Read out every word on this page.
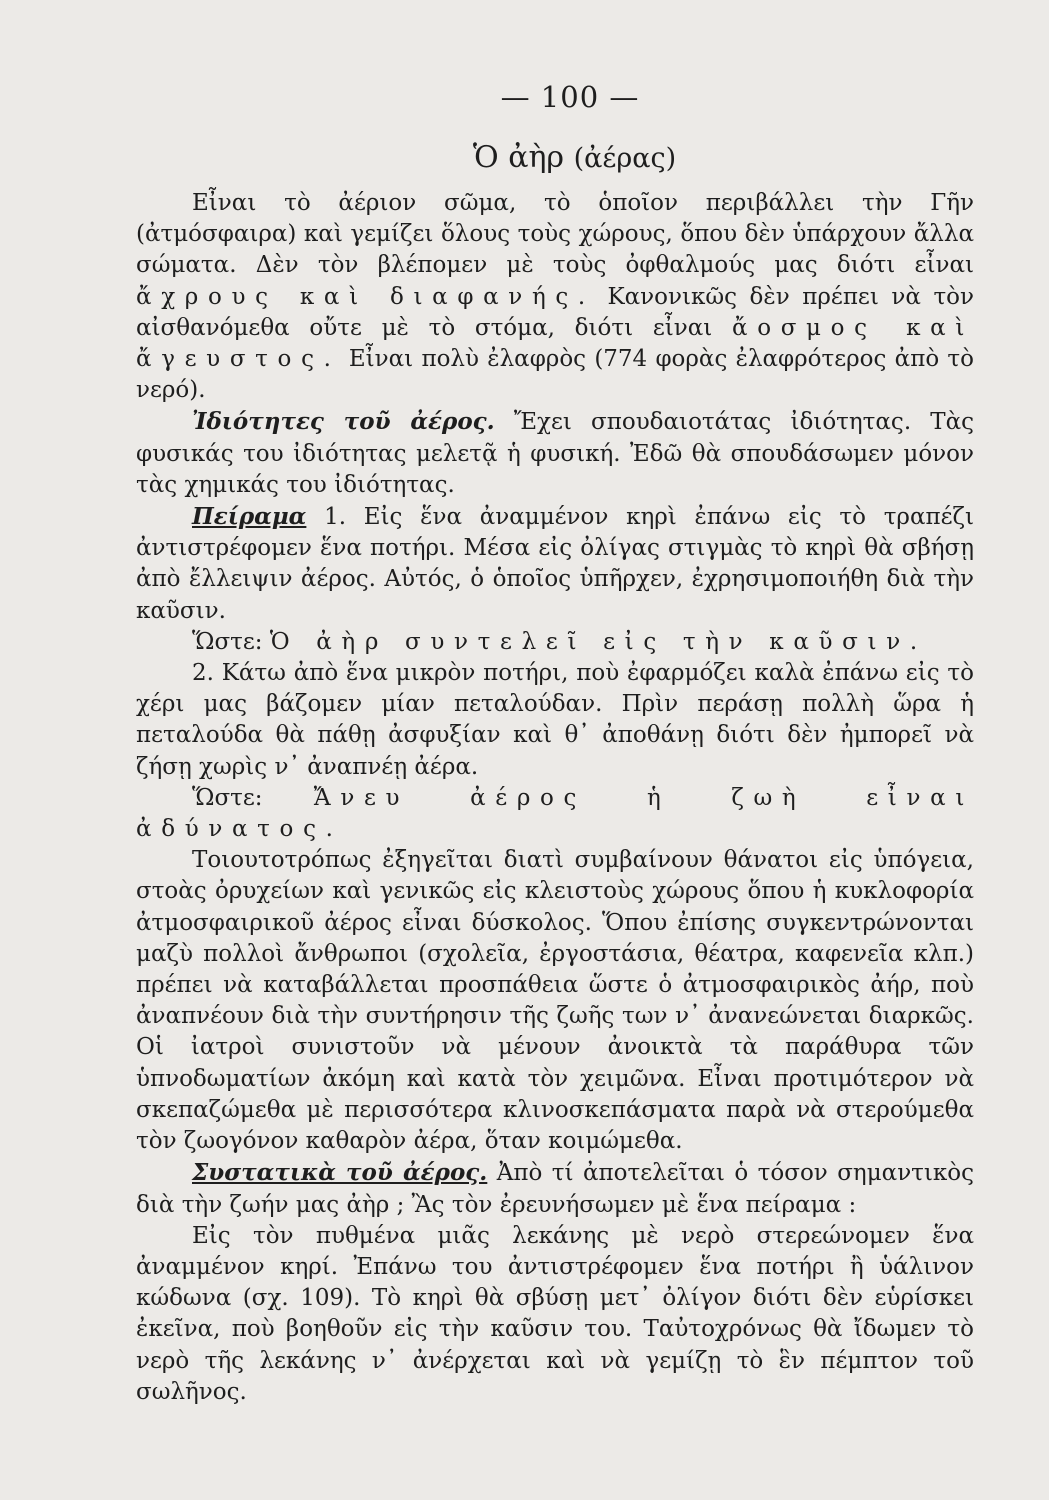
— 100 —
Ὁ ἀὴρ (ἀέρας)

Εἶναι τὸ ἀέριον σῶμα, τὸ ὁποῖον περιβάλλει τὴν Γῆν (ἀτμόσφαιρα) καὶ γεμίζει ὅλους τοὺς χώρους, ὅπου δὲν ὑπάρχουν ἄλλα σώματα. Δὲν τὸν βλέπομεν μὲ τοὺς ὀφθαλμούς μας διότι εἶναι ἄχρους καὶ διαφανής. Κανονικῶς δὲν πρέπει νὰ τὸν αἰσθανόμεθα οὔτε μὲ τὸ στόμα, διότι εἶναι ἄοσμος καὶ ἄγευστος. Εἶναι πολὺ ἐλαφρὸς (774 φορὰς ἐλαφρότερος ἀπὸ τὸ νερό).

Ἰδιότητες τοῦ ἀέρος. Ἔχει σπουδαιοτάτας ἰδιότητας. Τὰς φυσικάς του ἰδιότητας μελετᾷ ἡ φυσική. Ἐδῶ θὰ σπουδάσωμεν μόνον τὰς χημικάς του ἰδιότητας.

Πείραμα 1. Εἰς ἕνα ἀναμμένον κηρὶ ἐπάνω εἰς τὸ τραπέζι ἀντιστρέφομεν ἕνα ποτήρι. Μέσα εἰς ὀλίγας στιγμὰς τὸ κηρὶ θὰ σβήσῃ ἀπὸ ἔλλειψιν ἀέρος. Αὐτός, ὁ ὁποῖος ὑπῆρχεν, ἐχρησιμοποιήθη διὰ τὴν καῦσιν.

Ὥστε: Ὁ ἀὴρ συντελεῖ εἰς τὴν καῦσιν.

2. Κάτω ἀπὸ ἕνα μικρὸν ποτήρι, ποὺ ἐφαρμόζει καλὰ ἐπάνω εἰς τὸ χέρι μας βάζομεν μίαν πεταλούδαν. Πρὶν περάσῃ πολλὴ ὥρα ἡ πεταλούδα θὰ πάθῃ ἀσφυξίαν καὶ θ᾽ ἀποθάνῃ διότι δὲν ἠμπορεῖ νὰ ζήσῃ χωρὶς ν᾽ ἀναπνέῃ ἀέρα.

Ὥστε: Ἄνευ ἀέρος ἡ ζωὴ εἶναι ἀδύνατος.

Τοιουτοτρόπως ἐξηγεῖται διατὶ συμβαίνουν θάνατοι εἰς ὑπόγεια, στοὰς ὀρυχείων καὶ γενικῶς εἰς κλειστοὺς χώρους ὅπου ἡ κυκλοφορία ἀτμοσφαιρικοῦ ἀέρος εἶναι δύσκολος. Ὅπου ἐπίσης συγκεντρώνονται μαζὺ πολλοὶ ἄνθρωποι (σχολεῖα, ἐργοστάσια, θέατρα, καφενεῖα κλπ.) πρέπει νὰ καταβάλλεται προσπάθεια ὥστε ὁ ἀτμοσφαιρικὸς ἀήρ, ποὺ ἀναπνέουν διὰ τὴν συντήρησιν τῆς ζωῆς των ν᾽ ἀνανεώνεται διαρκῶς. Οἱ ἰατροὶ συνιστοῦν νὰ μένουν ἀνοικτὰ τὰ παράθυρα τῶν ὑπνοδωματίων ἀκόμη καὶ κατὰ τὸν χειμῶνα. Εἶναι προτιμότερον νὰ σκεπαζώμεθα μὲ περισσότερα κλινοσκεπάσματα παρὰ νὰ στερούμεθα τὸν ζωογόνον καθαρὸν ἀέρα, ὅταν κοιμώμεθα.

Συστατικὰ τοῦ ἀέρος. Ἀπὸ τί ἀποτελεῖται ὁ τόσον σημαντικὸς διὰ τὴν ζωήν μας ἀὴρ ; Ἂς τὸν ἐρευνήσωμεν μὲ ἕνα πείραμα :

Εἰς τὸν πυθμένα μιᾶς λεκάνης μὲ νερὸ στερεώνομεν ἕνα ἀναμμένον κηρί. Ἐπάνω του ἀντιστρέφομεν ἕνα ποτήρι ἢ ὑάλινον κώδωνα (σχ. 109). Τὸ κηρὶ θὰ σβύσῃ μετ᾽ ὀλίγον διότι δὲν εὑρίσκει ἐκεῖνα, ποὺ βοηθοῦν εἰς τὴν καῦσιν του. Ταὐτοχρόνως θὰ ἴδωμεν τὸ νερὸ τῆς λεκάνης ν᾽ ἀνέρχεται καὶ νὰ γεμίζῃ τὸ ἓν πέμπτον τοῦ σωλῆνος.
